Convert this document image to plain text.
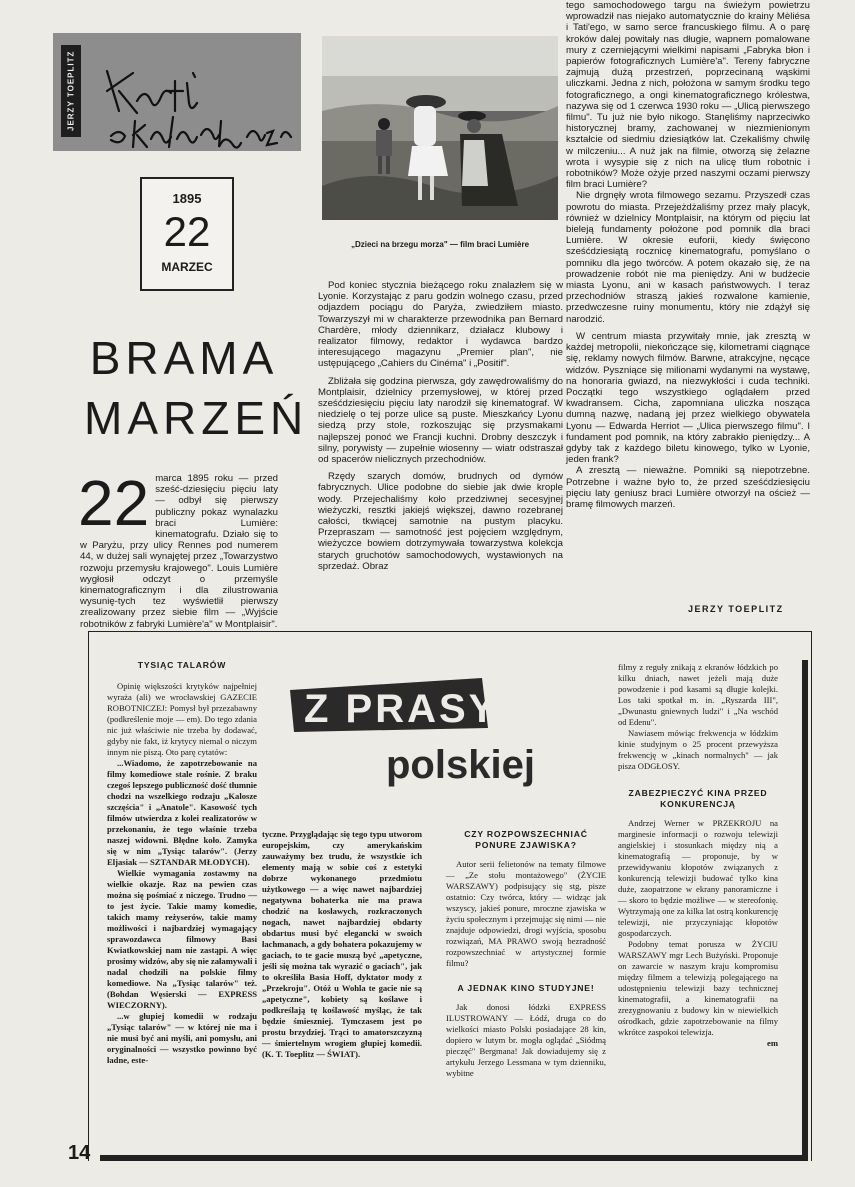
JERZY TOEPLITZ
1895
22
MARZEC
BRAMA
MARZEŃ
„Dzieci na brzegu morza" — film braci Lumière
22 marca 1895 roku — przed sześć-dziesięciu pięciu laty — odbył się pierwszy publiczny pokaz wynalazku braci Lumière: kinematografu. Działo się to w Paryżu, przy ulicy Rennes pod numerem 44, w dużej sali wynajętej przez „Towarzystwo rozwoju przemysłu krajowego". Louis Lumière wygłosił odczyt o przemyśle kinematograficznym i dla zilustrowania wysunię-tych tez wyświetlił pierwszy zrealizowany przez siebie film — „Wyjście robotników z fabryki Lumière'a" w Montplaisir".

Pod koniec stycznia bieżącego roku znalazłem się w Lyonie. Korzystając z paru godzin wolnego czasu, przed odjazdem pociągu do Paryża, zwiedziłem miasto. Towarzyszył mi w charakterze przewodnika pan Bernard Chardère, młody dziennikarz, działacz klubowy i realizator filmowy, redaktor i wydawca bardzo interesującego magazynu „Premier plan", nie ustępującego „Cahiers du Cinéma" i „Positif".

Zbliżała się godzina pierwsza, gdy zawędrowaliśmy do Montplaisir, dzielnicy przemysłowej, w której przed sześćdziesięciu pięciu laty narodził się kinematograf. W niedzielę o tej porze ulice są puste. Mieszkańcy Lyonu siedzą przy stole, rozkoszując się przysmakami najlepszej ponoć we Francji kuchni. Drobny deszczyk i silny, porywisty — zupełnie wiosenny — wiatr odstraszał od spacerów nielicznych przechodniów.

Rzędy szarych domów, brudnych od dymów fabrycznych. Ulice podobne do siebie jak dwie krople wody. Przejechaliśmy koło przedziwnej secesyjnej wieżyczki, resztki jakiejś większej, dawno rozebranej całości, tkwiącej samotnie na pustym placyku. Przepraszam — samotność jest pojęciem względnym, wieżyczce bowiem dotrzymywała towarzystwa kolekcja starych gruchotów samochodowych, wystawionych na sprzedaż. Obraz

tego samochodowego targu na świeżym powietrzu wprowadził nas niejako automatycznie do krainy Mèliésa i Tati'ego, w samo serce francuskiego filmu. A o parę kroków dalej powitały nas długie, wapnem pomalowane mury z czerniejącymi wielkimi napisami „Fabryka błon i papierów fotograficznych Lumière'a". Tereny fabryczne zajmują dużą przestrzeń, poprzecinaną wąskimi uliczkami. Jedna z nich, położona w samym środku tego fotograficznego, a ongi kinematograficznego królestwa, nazywa się od 1 czerwca 1930 roku — „Ulicą pierwszego filmu". Tu już nie było nikogo. Stanęliśmy naprzeciwko historycznej bramy, zachowanej w niezmienionym kształcie od siedmiu dziesiątków lat. Czekaliśmy chwilę w milczeniu... A nuż jak na filmie, otworzą się żelazne wrota i wysypie się z nich na ulicę tłum robotnic i robotników? Może ożyje przed naszymi oczami pierwszy film braci Lumière?

Nie drgnęły wrota filmowego sezamu. Przyszedł czas powrotu do miasta. Przejeżdżaliśmy przez mały placyk, również w dzielnicy Montplaisir, na którym od pięciu lat bieleją fundamenty położone pod pomnik dla braci Lumière. W okresie euforii, kiedy święcono sześćdziesiątą rocznicę kinematografu, pomyślano o pomniku dla jego twórców. A potem okazało się, że na prowadzenie robót nie ma pieniędzy. Ani w budżecie miasta Lyonu, ani w kasach państwowych. I teraz przechodniów straszą jakieś rozwalone kamienie, przedwczesne ruiny monumentu, który nie zdążył się narodzić.

W centrum miasta przywitały mnie, jak zresztą w każdej metropolii, niekończące się, kilometrami ciągnące się, reklamy nowych filmów. Barwne, atrakcyjne, nęcące widzów. Pyszniące się milionami wydanymi na wystawę, na honoraria gwiazd, na niezwykłości i cuda techniki. Początki tego wszystkiego oglądałem przed kwadransem. Cicha, zapomniana uliczka nosząca dumną nazwę, nadaną jej przez wielkiego obywatela Lyonu — Edwarda Herriot — „Ulica pierwszego filmu". I fundament pod pomnik, na który zabrakło pieniędzy... A gdyby tak z każdego biletu kinowego, tylko w Lyonie, jeden frank?

A zresztą — nieważne. Pomniki są niepotrzebne. Potrzebne i ważne było to, że przed sześćdziesięciu pięciu laty geniusz braci Lumière otworzył na oścież — bramę filmowych marzeń.

JERZY TOEPLITZ
Z PRASY
polskiej
TYSIĄC TALARÓW

Opinię większości krytyków najpełniej wyraża (ali) we wrocławskiej GAZECIE ROBOTNICZEJ: Pomysł był przezabawny (podkreślenie moje — em). Do tego zdania nic już właściwie nie trzeba by dodawać, gdyby nie fakt, iż krytycy niemal o niczym innym nie piszą. Oto parę cytatów:

...Wiadomo, że zapotrzebowanie na filmy komediowe stale rośnie. Z braku czegoś lepszego publiczność dość tłumnie chodzi na wszelkiego rodzaju „Kalosze szczęścia" i „Anatole". Kasowość tych filmów utwierdza z kolei realizatorów w przekonaniu, że tego właśnie trzeba naszej widowni. Błędne koło. Zamyka się w nim „Tysiąc talarów". (Jerzy Eljasiak — SZTANDAR MŁODYCH).

Wielkie wymagania zostawmy na wielkie okazje. Raz na pewien czas można się pośmiać z niczego. Trudno — to jest życie. Takie mamy komedie, takich mamy reżyserów, takie mamy możliwości i najbardziej wymagający sprawozdawca filmowy Basi Kwiatkowskiej nam nie zastąpi. A więc prosimy widzów, aby się nie załamywali i nadal chodzili na polskie filmy komediowe. Na „Tysiąc talarów" też. (Bohdan Węsierski — EXPRESS WIECZORNY).

...w głupiej komedii w rodzaju „Tysiąc talarów" — w której nie ma i nie musi być ani myśli, ani pomysłu, ani oryginalności — wszystko powinno być ładne, este-

tyczne. Przyglądając się tego typu utworom europejskim, czy amerykańskim zauważymy bez trudu, że wszystkie ich elementy mają w sobie coś z estetyki dobrze wykonanego przedmiotu użytkowego — a więc nawet najbardziej negatywna bohaterka nie ma prawa chodzić na kosławych, rozkraczonych nogach, nawet najbardziej obdarty obdartus musi być elegancki w swoich łachmanach, a gdy bohatera pokazujemy w gaciach, to te gacie muszą być „apetyczne, jeśli się można tak wyrazić o gaciach", jak to określiła Basia Hoff, dyktator mody z „Przekroju". Otóż u Wohla te gacie nie są „apetyczne", kobiety są koślawe i podkreślają tę koślawość myśląc, że tak będzie śmieszniej. Tymczasem jest po prostu brzydziej. Trąci to amatorszczyzną — śmiertelnym wrogiem głupiej komedii. (K. T. Toeplitz — ŚWIAT).

CZY ROZPOWSZECHNIAĆ PONURE ZJAWISKA?

Autor serii felietonów na tematy filmowe — „Ze stołu montażowego" (ŻYCIE WARSZAWY) podpisujący się stg, pisze ostatnio: Czy twórca, który — widząc jak wszyscy, jakieś ponure, mroczne zjawiska w życiu społecznym i przejmując się nimi — nie znajduje odpowiedzi, drogi wyjścia, sposobu rozwiązań, MA PRAWO swoją bezradność rozpowszechniać w artystycznej formie filmu?

A JEDNAK KINO STUDYJNE!

Jak donosi łódzki EXPRESS ILUSTROWANY — Łódź, druga co do wielkości miasto Polski posiadające 28 kin, dopiero w lutym br. mogła oglądać „Siódmą pieczęć" Bergmana! Jak dowiadujemy się z artykułu Jerzego Lessmana w tym dzienniku, wybitne

filmy z reguły znikają z ekranów łódzkich po kilku dniach, nawet jeżeli mają duże powodzenie i pod kasami są długie kolejki. Los taki spotkał m. in. „Ryszarda III", „Dwunastu gniewnych ludzi" i „Na wschód od Edenu".

Nawiasem mówiąc frekwencja w łódzkim kinie studyjnym o 25 procent przewyższa frekwencję w „kinach normalnych" — jak pisza ODGŁOSY.

ZABEZPIECZYĆ KINA PRZED KONKURENCJĄ

Andrzej Werner w PRZEKROJU na marginesie informacji o rozwoju telewizji angielskiej i stosunkach między nią a kinematografią — proponuje, by w przewidywaniu kłopotów związanych z konkurencją telewizji budować tylko kina duże, zaopatrzone w ekrany panoramiczne i — skoro to będzie możliwe — w stereofonię. Wytrzymają one za kilka lat ostrą konkurencję telewizji, nie przyczyniając kłopotów gospodarczych.

Podobny temat porusza w ŻYCIU WARSZAWY mgr Lech Bużyński. Proponuje on zawarcie w naszym kraju kompromisu między filmem a telewizją polegającego na udostępnieniu telewizji bazy technicznej kinematografii, a kinematografii na zrezygnowaniu z budowy kin w niewielkich ośrodkach, gdzie zapotrzebowanie na filmy wkrótce zaspokoi telewizja.

em
14
